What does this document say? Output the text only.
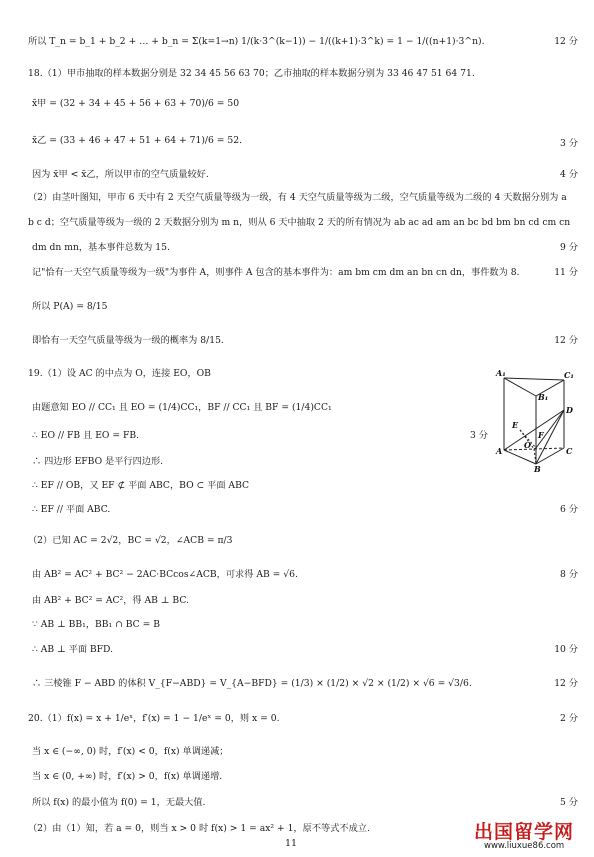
所以 T_n = b_1 + b_2 + … + b_n = Σ(k=1→n) 1/(k·3^(k−1)) − 1/((k+1)·3^k) = 1 − 1/((n+1)·3^n).
18.（1）甲市抽取的样本数据分别是 32 34 45 56 63 70；乙市抽取的样本数据分别为 33 46 47 51 64 71.
x̄甲 = (32 + 34 + 45 + 56 + 63 + 70)/6 = 50
x̄乙 = (33 + 46 + 47 + 51 + 64 + 71)/6 = 52.
因为 x̄甲 < x̄乙，所以甲市的空气质量较好.
（2）由茎叶图知，甲市 6 天中有 2 天空气质量等级为一级，有 4 天空气质量等级为二级，空气质量等级为二级的 4 天数据分别为 a
b c d；空气质量等级为一级的 2 天数据分别为 m n，则从 6 天中抽取 2 天的所有情况为 ab ac ad am an bc bd bm bn cd cm cn
dm dn mn，基本事件总数为 15.
记"恰有一天空气质量等级为一级"为事件 A，则事件 A 包含的基本事件为：am bm cm dm an bn cn dn，事件数为 8.
所以 P(A) = 8/15
即恰有一天空气质量等级为一级的概率为 8/15.
19.（1）设 AC 的中点为 O，连接 EO，OB
由题意知 EO // CC₁ 且 EO = (1/4)CC₁，BF // CC₁ 且 BF = (1/4)CC₁
∴ EO // FB 且 EO = FB.
∴ 四边形 EFBO 是平行四边形.
∴ EF // OB，又 EF ⊄ 平面 ABC，BO ⊂ 平面 ABC
∴ EF // 平面 ABC.
（2）已知 AC = 2√2，BC = √2，∠ACB = π/3
由 AB² = AC² + BC² − 2AC·BCcos∠ACB，可求得 AB = √6.
由 AB² + BC² = AC²，得 AB ⊥ BC.
∵ AB ⊥ BB₁，BB₁ ∩ BC = B
∴ AB ⊥ 平面 BFD.
∴ 三棱锥 F − ABD 的体积 V_{F−ABD} = V_{A−BFD} = (1/3) × (1/2) × √2 × (1/2) × √6 = √3/6.
20.（1）f(x) = x + 1/eˣ，f′(x) = 1 − 1/eˣ = 0，则 x = 0.
当 x ∈ (−∞, 0) 时，f′(x) < 0，f(x) 单调递减；
当 x ∈ (0, +∞) 时，f′(x) > 0，f(x) 单调递增.
所以 f(x) 的最小值为 f(0) = 1，无最大值.
（2）由（1）知，若 a = 0，则当 x > 0 时 f(x) > 1 = ax² + 1，原不等式不成立.
12 分
3 分
4 分
9 分
11 分
12 分
3 分
6 分
8 分
10 分
12 分
2 分
5 分
A₁	C₁
B₁
D
E
F
O
A
B
C
11
出国留学网
www.liuxue86.com
